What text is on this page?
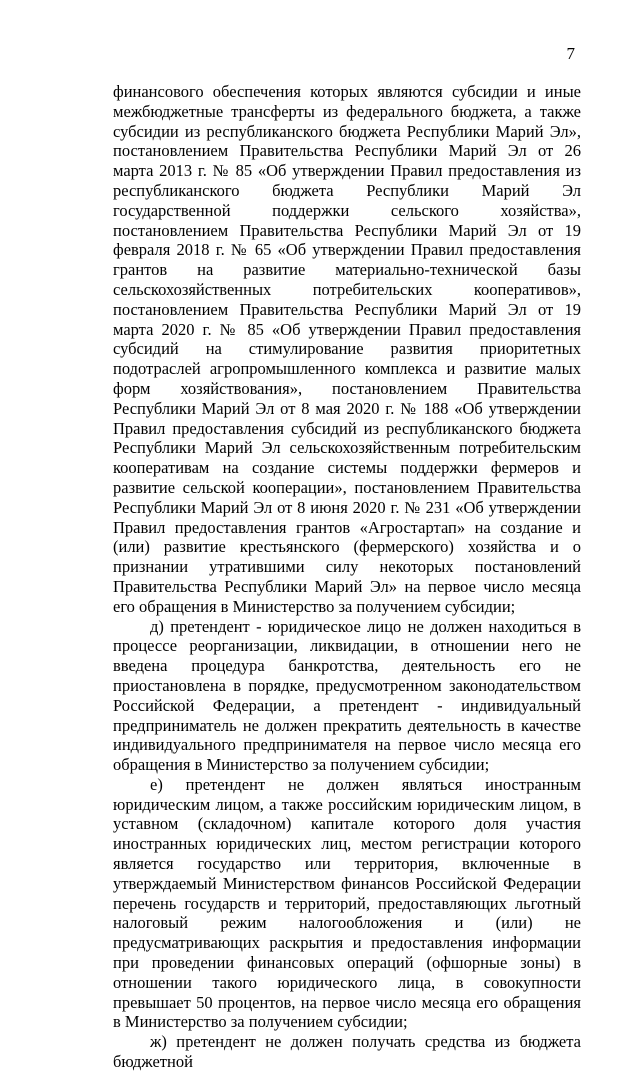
7

финансового обеспечения которых являются субсидии и иные межбюджетные трансферты из федерального бюджета, а также субсидии из республиканского бюджета Республики Марий Эл», постановлением Правительства Республики Марий Эл от 26 марта 2013 г. № 85 «Об утверждении Правил предоставления из республиканского бюджета Республики Марий Эл государственной поддержки сельского хозяйства», постановлением Правительства Республики Марий Эл от 19 февраля 2018 г. № 65 «Об утверждении Правил предоставления грантов на развитие материально-технической базы сельскохозяйственных потребительских кооперативов», постановлением Правительства Республики Марий Эл от 19 марта 2020 г. № 85 «Об утверждении Правил предоставления субсидий на стимулирование развития приоритетных подотраслей агропромышленного комплекса и развитие малых форм хозяйствования», постановлением Правительства Республики Марий Эл от 8 мая 2020 г. № 188 «Об утверждении Правил предоставления субсидий из республиканского бюджета Республики Марий Эл сельскохозяйственным потребительским кооперативам на создание системы поддержки фермеров и развитие сельской кооперации», постановлением Правительства Республики Марий Эл от 8 июня 2020 г. № 231 «Об утверждении Правил предоставления грантов «Агростартап» на создание и (или) развитие крестьянского (фермерского) хозяйства и о признании утратившими силу некоторых постановлений Правительства Республики Марий Эл» на первое число месяца его обращения в Министерство за получением субсидии;

д) претендент - юридическое лицо не должен находиться в процессе реорганизации, ликвидации, в отношении него не введена процедура банкротства, деятельность его не приостановлена в порядке, предусмотренном законодательством Российской Федерации, а претендент - индивидуальный предприниматель не должен прекратить деятельность в качестве индивидуального предпринимателя на первое число месяца его обращения в Министерство за получением субсидии;

е) претендент не должен являться иностранным юридическим лицом, а также российским юридическим лицом, в уставном (складочном) капитале которого доля участия иностранных юридических лиц, местом регистрации которого является государство или территория, включенные в утверждаемый Министерством финансов Российской Федерации перечень государств и территорий, предоставляющих льготный налоговый режим налогообложения и (или) не предусматривающих раскрытия и предоставления информации при проведении финансовых операций (офшорные зоны) в отношении такого юридического лица, в совокупности превышает 50 процентов, на первое число месяца его обращения в Министерство за получением субсидии;

ж) претендент не должен получать средства из бюджета бюджетной
